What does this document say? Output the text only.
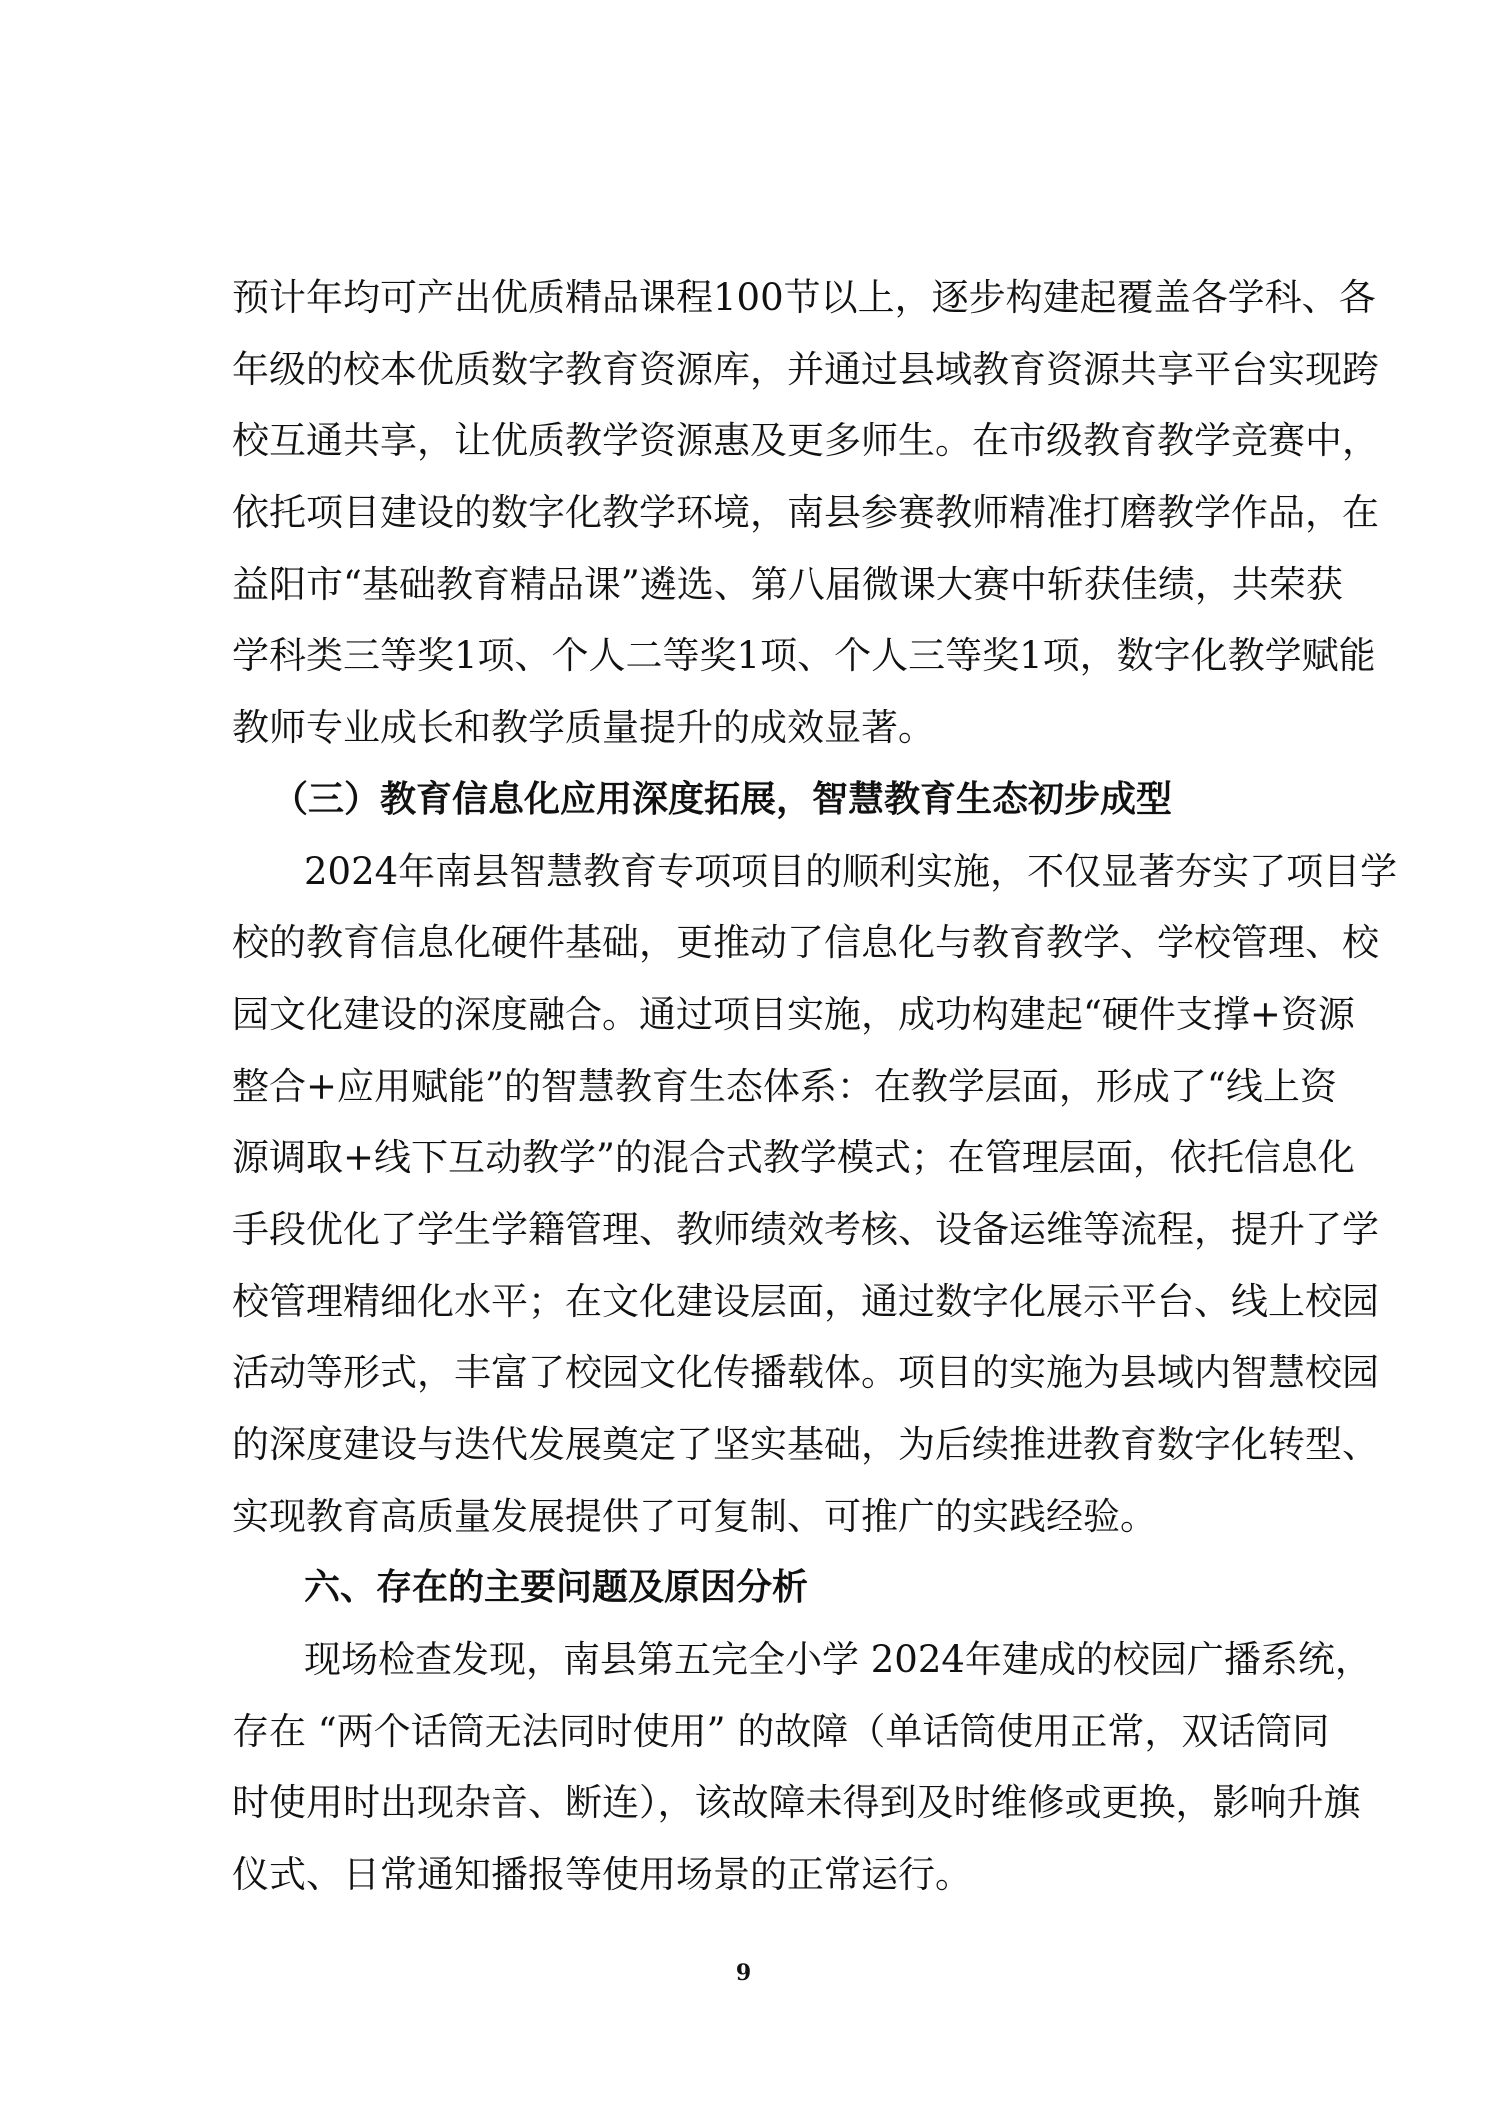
预计年均可产出优质精品课程100节以上，逐步构建起覆盖各学科、各
年级的校本优质数字教育资源库，并通过县域教育资源共享平台实现跨
校互通共享，让优质教学资源惠及更多师生。在市级教育教学竞赛中，
依托项目建设的数字化教学环境，南县参赛教师精准打磨教学作品，在
益阳市“基础教育精品课”遴选、第八届微课大赛中斩获佳绩，共荣获
学科类三等奖1项、个人二等奖1项、个人三等奖1项，数字化教学赋能
教师专业成长和教学质量提升的成效显著。
（三）教育信息化应用深度拓展，智慧教育生态初步成型
2024年南县智慧教育专项项目的顺利实施，不仅显著夯实了项目学
校的教育信息化硬件基础，更推动了信息化与教育教学、学校管理、校
园文化建设的深度融合。通过项目实施，成功构建起“硬件支撑+资源
整合+应用赋能”的智慧教育生态体系：在教学层面，形成了“线上资
源调取+线下互动教学”的混合式教学模式；在管理层面，依托信息化
手段优化了学生学籍管理、教师绩效考核、设备运维等流程，提升了学
校管理精细化水平；在文化建设层面，通过数字化展示平台、线上校园
活动等形式，丰富了校园文化传播载体。项目的实施为县域内智慧校园
的深度建设与迭代发展奠定了坚实基础，为后续推进教育数字化转型、
实现教育高质量发展提供了可复制、可推广的实践经验。
六、存在的主要问题及原因分析
现场检查发现，南县第五完全小学 2024年建成的校园广播系统，
存在 “两个话筒无法同时使用” 的故障（单话筒使用正常，双话筒同
时使用时出现杂音、断连），该故障未得到及时维修或更换，影响升旗
仪式、日常通知播报等使用场景的正常运行。
9
